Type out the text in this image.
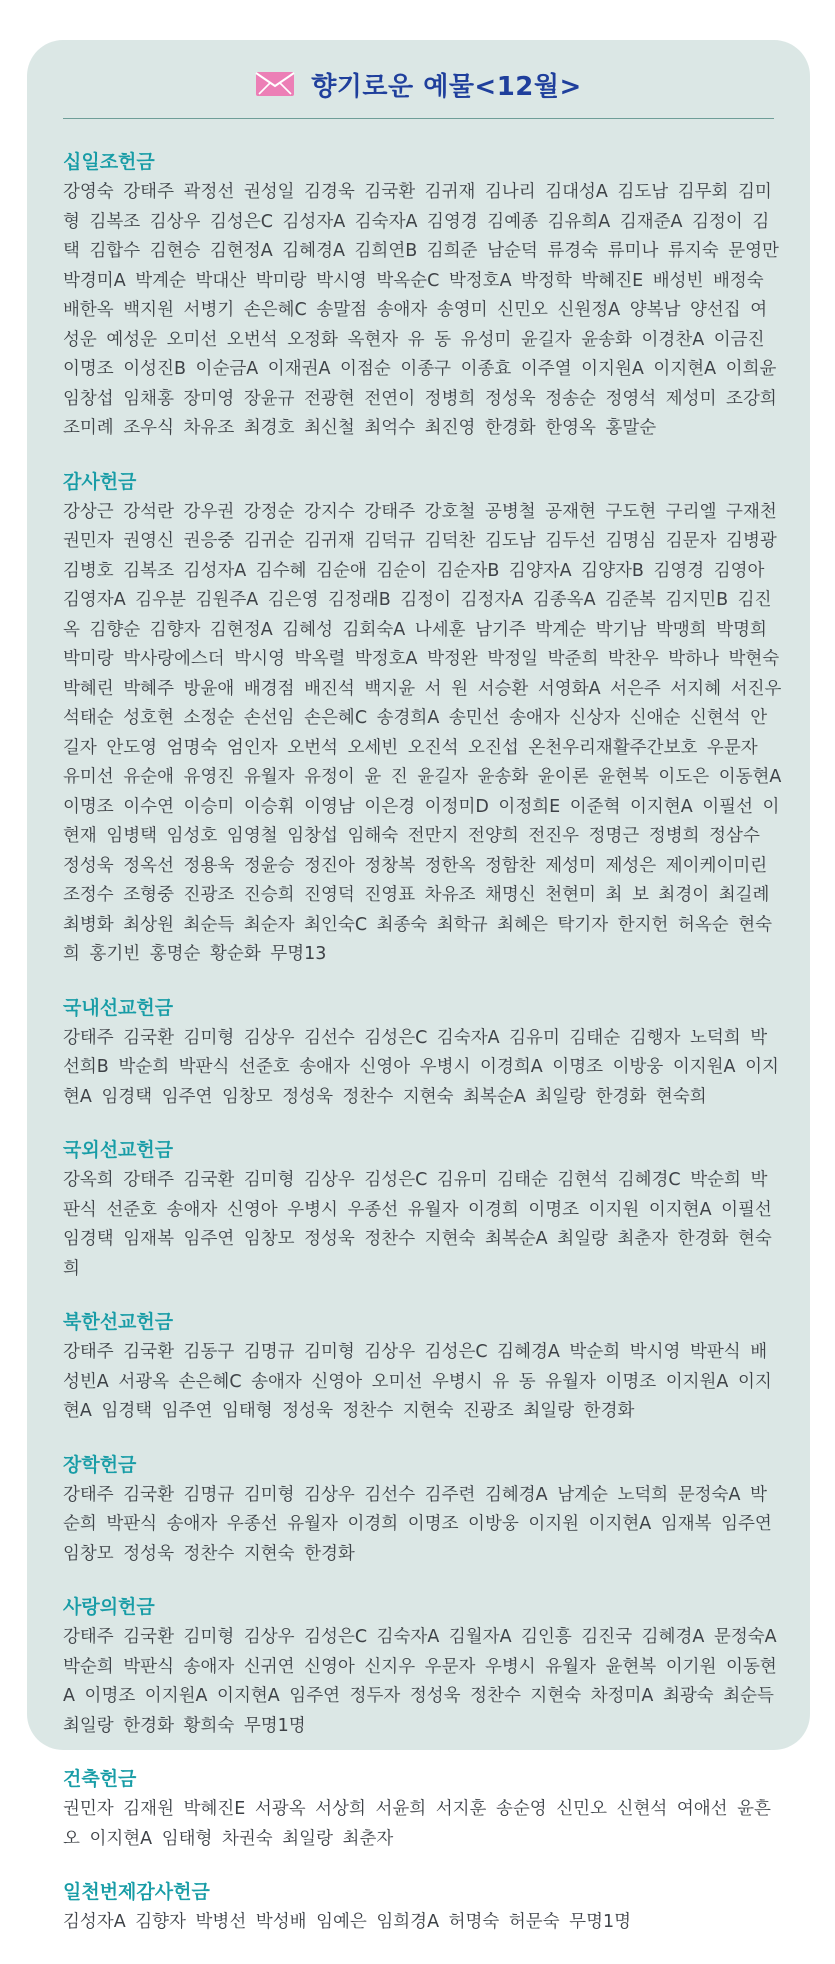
향기로운 예물<12월>
십일조헌금

강영숙 강태주 곽정선 권성일 김경욱 김국환 김귀재 김나리 김대성A 김도남 김무회 김미형 김복조 김상우 김성은C 김성자A 김숙자A 김영경 김예종 김유희A 김재준A 김정이 김 택 김합수 김현승 김현정A 김혜경A 김희연B 김희준 남순덕 류경숙 류미나 류지숙 문영만 박경미A 박계순 박대산 박미랑 박시영 박옥순C 박정호A 박정학 박혜진E 배성빈 배정숙 배한옥 백지원 서병기 손은혜C 송말점 송애자 송영미 신민오 신원정A 양복남 양선집 여성운 예성운 오미선 오번석 오정화 옥현자 유 동 유성미 윤길자 윤송화 이경찬A 이금진 이명조 이성진B 이순금A 이재권A 이점순 이종구 이종효 이주열 이지원A 이지현A 이희윤 임창섭 임채홍 장미영 장윤규 전광현 전연이 정병희 정성욱 정송순 정영석 제성미 조강희 조미례 조우식 차유조 최경호 최신철 최억수 최진영 한경화 한영옥 홍말순

감사헌금

강상근 강석란 강우권 강정순 강지수 강태주 강호철 공병철 공재현 구도현 구리엘 구재천 권민자 권영신 권응중 김귀순 김귀재 김덕규 김덕찬 김도남 김두선 김명심 김문자 김병광 김병호 김복조 김성자A 김수혜 김순애 김순이 김순자B 김양자A 김양자B 김영경 김영아 김영자A 김우분 김원주A 김은영 김정래B 김정이 김정자A 김종옥A 김준복 김지민B 김진옥 김향순 김향자 김현정A 김혜성 김회숙A 나세훈 남기주 박계순 박기남 박맹희 박명희 박미랑 박사랑에스더 박시영 박옥렬 박정호A 박정완 박정일 박준희 박찬우 박하나 박현숙 박혜린 박혜주 방윤애 배경점 배진석 백지윤 서 원 서승환 서영화A 서은주 서지혜 서진우 석태순 성호현 소정순 손선임 손은혜C 송경희A 송민선 송애자 신상자 신애순 신현석 안길자 안도영 엄명숙 엄인자 오번석 오세빈 오진석 오진섭 온천우리재활주간보호 우문자 유미선 유순애 유영진 유월자 유정이 윤 진 윤길자 윤송화 윤이론 윤현복 이도은 이동현A 이명조 이수연 이승미 이승휘 이영남 이은경 이정미D 이정희E 이준혁 이지현A 이필선 이현재 임병택 임성호 임영철 임창섭 임해숙 전만지 전양희 전진우 정명근 정병희 정삼수 정성욱 정옥선 정용욱 정윤승 정진아 정창복 정한옥 정함찬 제성미 제성은 제이케이미린 조정수 조형중 진광조 진승희 진영덕 진영표 차유조 채명신 천현미 최 보 최경이 최길례 최병화 최상원 최순득 최순자 최인숙C 최종숙 최학규 최혜은 탁기자 한지헌 허옥순 현숙희 홍기빈 홍명순 황순화 무명13

국내선교헌금

강태주 김국환 김미형 김상우 김선수 김성은C 김숙자A 김유미 김태순 김행자 노덕희 박선희B 박순희 박판식 선준호 송애자 신영아 우병시 이경희A 이명조 이방웅 이지원A 이지현A 임경택 임주연 임창모 정성욱 정찬수 지현숙 최복순A 최일랑 한경화 현숙희

국외선교헌금

강옥희 강태주 김국환 김미형 김상우 김성은C 김유미 김태순 김현석 김혜경C 박순희 박판식 선준호 송애자 신영아 우병시 우종선 유월자 이경희 이명조 이지원 이지현A 이필선 임경택 임재복 임주연 임창모 정성욱 정찬수 지현숙 최복순A 최일랑 최춘자 한경화 현숙희

북한선교헌금

강태주 김국환 김동구 김명규 김미형 김상우 김성은C 김혜경A 박순희 박시영 박판식 배성빈A 서광옥 손은혜C 송애자 신영아 오미선 우병시 유 동 유월자 이명조 이지원A 이지현A 임경택 임주연 임태형 정성욱 정찬수 지현숙 진광조 최일랑 한경화

장학헌금

강태주 김국환 김명규 김미형 김상우 김선수 김주련 김혜경A 남계순 노덕희 문정숙A 박순희 박판식 송애자 우종선 유월자 이경희 이명조 이방웅 이지원 이지현A 임재복 임주연 임창모 정성욱 정찬수 지현숙 한경화

사랑의헌금

강태주 김국환 김미형 김상우 김성은C 김숙자A 김월자A 김인흥 김진국 김혜경A 문정숙A 박순희 박판식 송애자 신귀연 신영아 신지우 우문자 우병시 유월자 윤현복 이기원 이동현A 이명조 이지원A 이지현A 임주연 정두자 정성욱 정찬수 지현숙 차정미A 최광숙 최순득 최일랑 한경화 황희숙 무명1명

건축헌금

권민자 김재원 박혜진E 서광옥 서상희 서윤희 서지훈 송순영 신민오 신현석 여애선 윤흔오 이지현A 임태형 차권숙 최일랑 최춘자

일천번제감사헌금

김성자A 김향자 박병선 박성배 임예은 임희경A 허명숙 허문숙 무명1명
